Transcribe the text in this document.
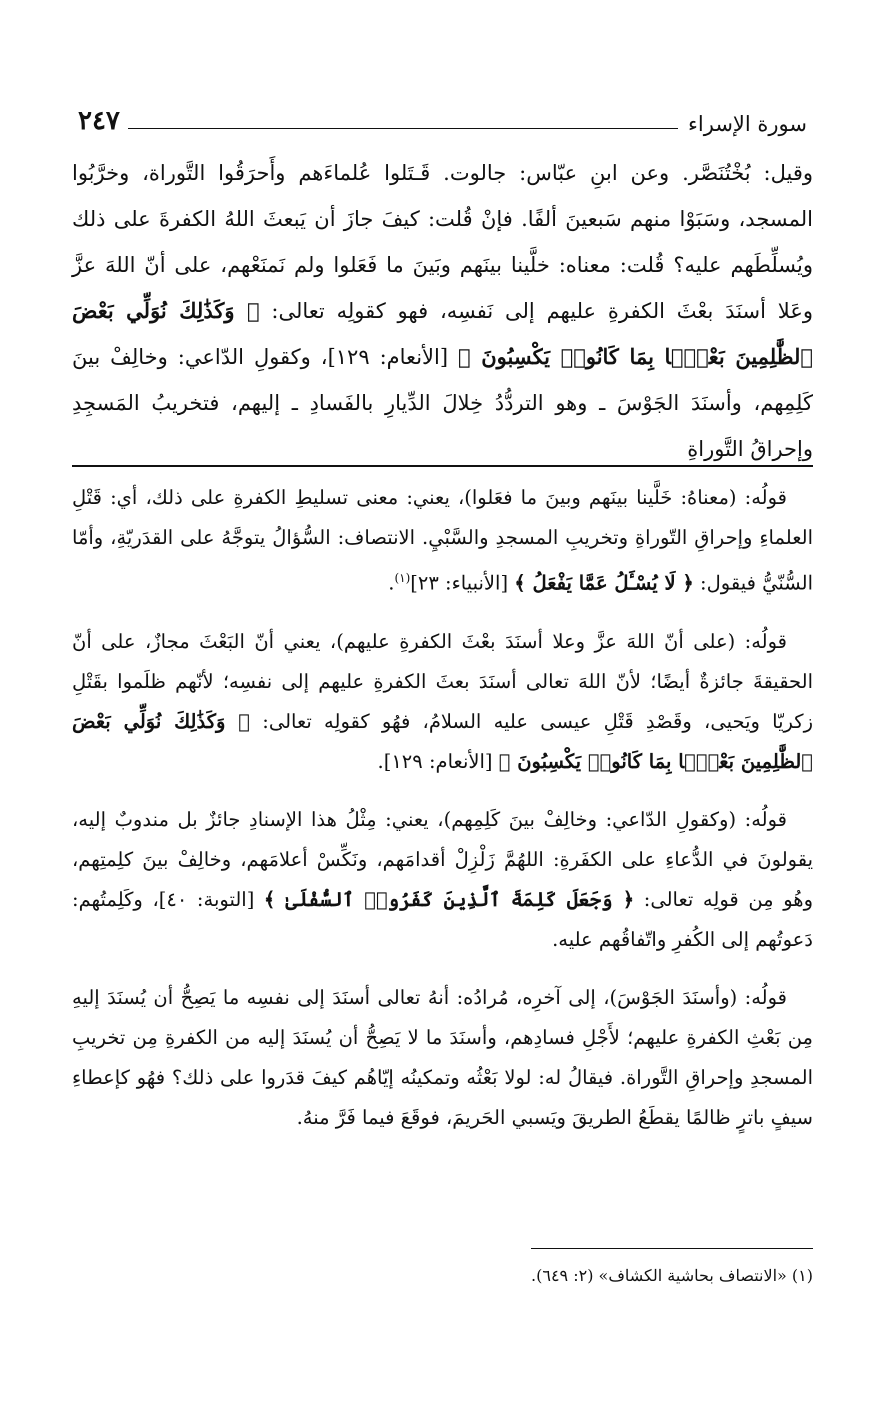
سورة الإسراء
٢٤٧

وقيل: بُخْتُنَصَّر. وعن ابنِ عبّاس: جالوت. قَـتَلوا عُلماءَهم وأَحرَقُوا التَّوراة، وخرَّبُوا المسجد، وسَبَوْا منهم سَبعينَ ألفًا. فإنْ قُلت: كيفَ جازَ أن يَبعثَ اللهُ الكفرةَ على ذلك ويُسلِّطَهم عليه؟ قُلت: معناه: خلَّينا بينَهم وبَينَ ما فَعَلوا ولم نَمنَعْهم، على أنّ اللهَ عزَّ وعَلا أسنَدَ بعْثَ الكفرةِ عليهم إلى نَفسِه، فهو كقولِه تعالى: ﴿ وَكَذَٰلِكَ نُوَلِّي بَعْضَ ٱلظَّٰلِمِينَ بَعْضًۢا بِمَا كَانُوا۟ يَكْسِبُونَ ﴾ [الأنعام: ١٢٩]، وكقولِ الدّاعي: وخالِفْ بينَ كَلِمِهم، وأسنَدَ الجَوْسَ ـ وهو التردُّدُ خِلالَ الدِّيارِ بالفَسادِ ـ إليهم، فتخريبُ المَسجِدِ وإحراقُ التَّوراةِ

قولُه: (معناهُ: خَلَّينا بينَهم وبينَ ما فعَلوا)، يعني: معنى تسليطِ الكفرةِ على ذلك، أي: قَتْلِ العلماءِ وإحراقِ التّوراةِ وتخريبِ المسجدِ والسَّبْيِ. الانتصاف: السُّؤالُ يتوجَّهُ على القدَريّةِ، وأمّا السُّنّيُّ فيقول: ﴿ لَا يُسْـَٔلُ عَمَّا يَفْعَلُ ﴾ [الأنبياء: ٢٣]$^{(١)}$.

قولُه: (على أنّ اللهَ عزَّ وعلا أسنَدَ بعْثَ الكفرةِ عليهم)، يعني أنّ البَعْثَ مجازٌ، على أنّ الحقيقةَ جائزةٌ أيضًا؛ لأنّ اللهَ تعالى أسنَدَ بعثَ الكفرةِ عليهم إلى نفسِه؛ لأنّهم ظلَموا بقَتْلِ زكريّا ويَحيى، وقَصْدِ قَتْلِ عيسى عليه السلامُ، فهُو كقولِه تعالى: ﴿ وَكَذَٰلِكَ نُوَلِّي بَعْضَ ٱلظَّٰلِمِينَ بَعْضًۢا بِمَا كَانُوا۟ يَكْسِبُونَ ﴾ [الأنعام: ١٢٩].

قولُه: (وكقولِ الدّاعي: وخالِفْ بينَ كَلِمِهم)، يعني: مِثْلُ هذا الإسنادِ جائزٌ بل مندوبٌ إليه، يقولونَ في الدُّعاءِ على الكفَرةِ: اللهُمَّ زَلْزِلْ أقدامَهم، ونَكِّسْ أعلامَهم، وخالِفْ بينَ كلِمتِهم، وهُو مِن قولِه تعالى: ﴿ وَجَعَلَ كَلِمَةَ ٱلَّذِينَ كَفَرُوا۟ ٱلسُّفْلَىٰ ﴾ [التوبة: ٤٠]، وكَلِمتُهم: دَعوتُهم إلى الكُفرِ واتّفاقُهم عليه.

قولُه: (وأسنَدَ الجَوْسَ)، إلى آخرِه، مُرادُه: أنهُ تعالى أسنَدَ إلى نفسِه ما يَصِحُّ أن يُسنَدَ إليهِ مِن بَعْثِ الكفرةِ عليهم؛ لأَجْلِ فسادِهم، وأسنَدَ ما لا يَصِحُّ أن يُسنَدَ إليه من الكفرةِ مِن تخريبِ المسجدِ وإحراقِ التَّوراة. فيقالُ له: لولا بَعْثُه وتمكينُه إيّاهُم كيفَ قدَروا على ذلك؟ فهُو كإعطاءِ سيفٍ باترٍ ظالمًا يقطَعُ الطريقَ ويَسبي الحَريمَ، فوقَعَ فيما فَرَّ منهُ.

(١) «الانتصاف بحاشية الكشاف» (٢: ٦٤٩).
